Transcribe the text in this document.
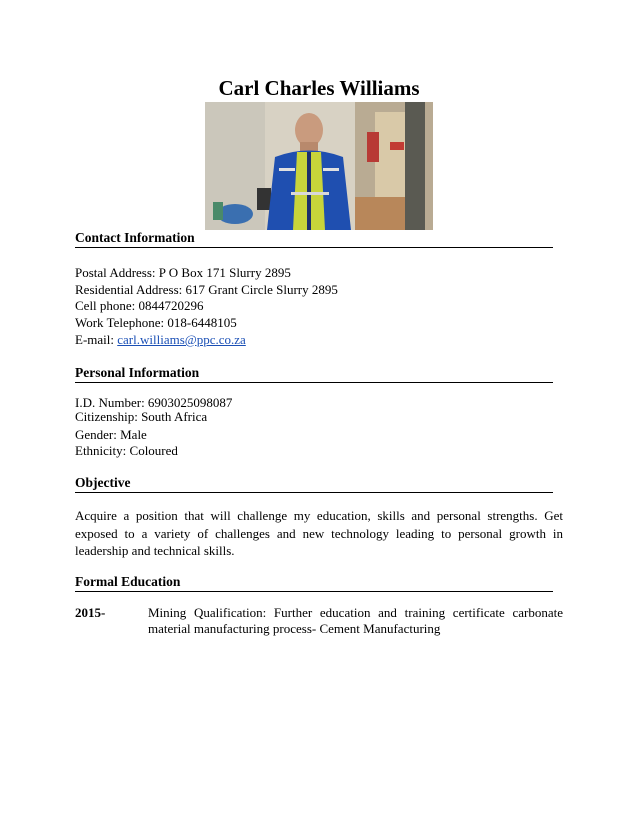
Carl Charles Williams
Contact Information
Postal Address: P O Box 171 Slurry 2895
Residential Address: 617 Grant Circle Slurry 2895
Cell phone: 0844720296
Work Telephone: 018-6448105
E-mail: carl.williams@ppc.co.za
Personal Information
I.D. Number: 6903025098087
Citizenship: South Africa
Gender: Male
Ethnicity: Coloured
Objective
Acquire a position that will challenge my education, skills and personal strengths. Get exposed to a variety of challenges and new technology leading to personal growth in leadership and technical skills.
Formal Education
2015-	Mining Qualification: Further education and training certificate carbonate material manufacturing process- Cement Manufacturing
